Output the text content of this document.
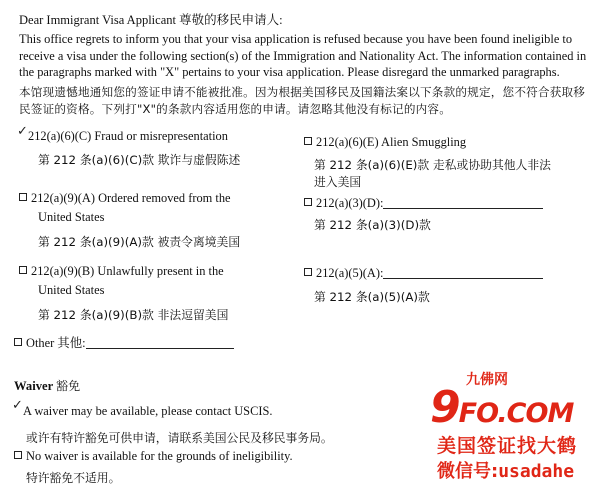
Dear Immigrant Visa Applicant 尊敬的移民申请人:
This office regrets to inform you that your visa application is refused because you have been found ineligible to receive a visa under the following section(s) of the Immigration and Nationality Act. The information contained in the paragraphs marked with "X" pertains to your visa application. Please disregard the unmarked paragraphs.
本馆现遗憾地通知您的签证申请不能被批准。因为根据美国移民及国籍法案以下条款的规定，您不符合获取移民签证的资格。下列打"X"的条款内容适用您的申请。请忽略其他没有标记的内容。
✓ 212(a)(6)(C) Fraud or misrepresentation
第 212 条(a)(6)(C)款 欺诈与虚假陈述
212(a)(9)(A) Ordered removed from the
United States
第 212 条(a)(9)(A)款 被责令离境美国
212(a)(9)(B) Unlawfully present in the
United States
第 212 条(a)(9)(B)款 非法逗留美国
Other 其他:
212(a)(6)(E) Alien Smuggling
第 212 条(a)(6)(E)款 走私或协助其他人非法
进入美国
212(a)(3)(D):
第 212 条(a)(3)(D)款
212(a)(5)(A):
第 212 条(a)(5)(A)款
Waiver 豁免
✓ A waiver may be available, please contact USCIS.
或许有特许豁免可供申请，请联系美国公民及移民事务局。
No waiver is available for the grounds of ineligibility.
特许豁免不适用。
九佛网
9FO.COM
美国签证找大鹤
微信号:usadahe
